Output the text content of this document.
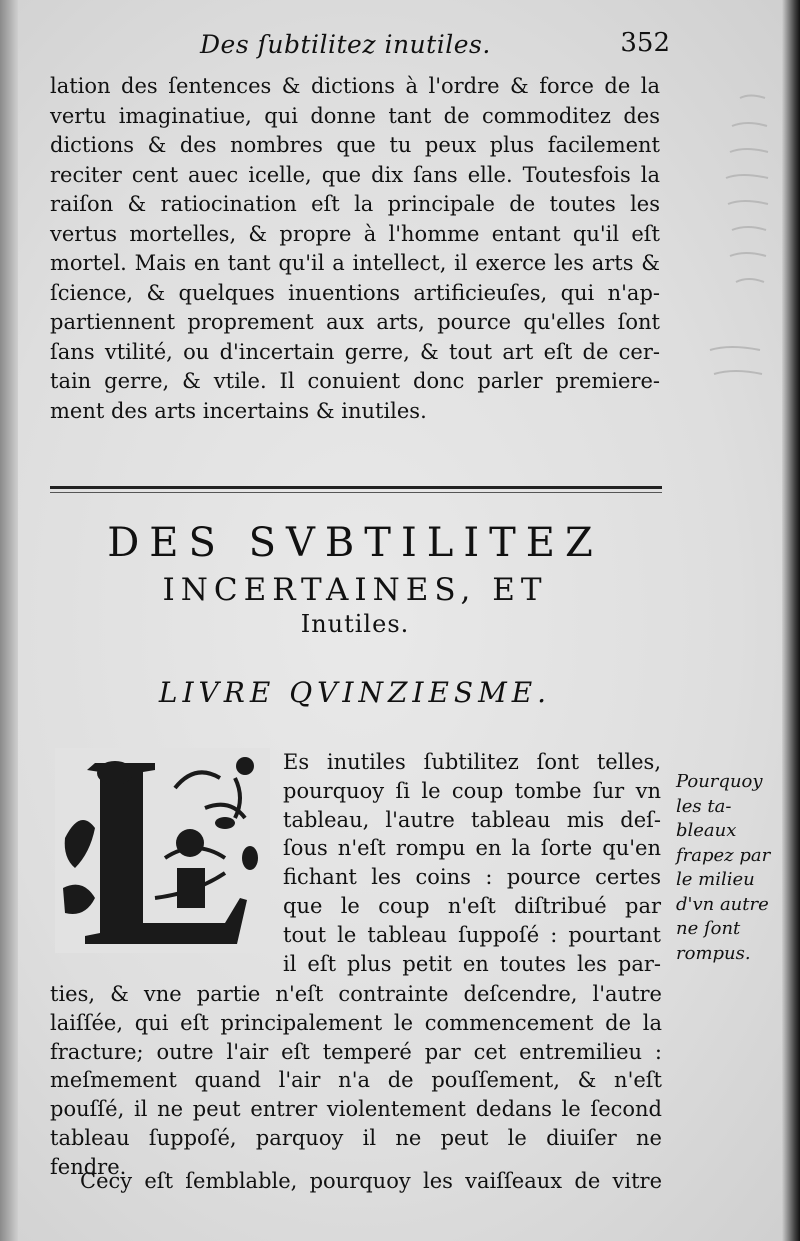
Des ſubtilitez inutiles.	352
lation des ſentences & dictions à l'ordre & force de la
vertu imaginatiue, qui donne tant de commoditez des
dictions & des nombres que tu peux plus facilement
reciter cent auec icelle, que dix ſans elle. Toutesfois la
raiſon & ratiocination eſt la principale de toutes les
vertus mortelles, & propre à l'homme entant qu'il eſt
mortel. Mais en tant qu'il a intellect, il exerce les arts &
ſcience, & quelques inuentions artificieuſes, qui n'ap-
partiennent proprement aux arts, pource qu'elles ſont
ſans vtilité, ou d'incertain gerre, & tout art eſt de cer-
tain gerre, & vtile. Il conuient donc parler premiere-
ment des arts incertains & inutiles.
DES SVBTILITEZ
INCERTAINES, ET
Inutiles.
LIVRE QVINZIESME.
Es inutiles ſubtilitez ſont telles,
pourquoy ſi le coup tombe ſur vn
tableau, l'autre tableau mis deſ-
ſous n'eſt rompu en la ſorte qu'en
fichant les coins : pource certes
que le coup n'eſt diſtribué par
tout le tableau ſuppoſé : pourtant
il eſt plus petit en toutes les par-
ties, & vne partie n'eſt contrainte deſcendre, l'autre
laiſſée, qui eſt principalement le commencement de la
fracture; outre l'air eſt temperé par cet entremilieu :
meſmement quand l'air n'a de pouſſement, & n'eſt
pouſſé, il ne peut entrer violentement dedans le ſecond
tableau ſuppoſé, parquoy il ne peut le diuiſer ne
fendre.
Cecy eſt ſemblable, pourquoy les vaiſſeaux de vitre
Pourquoy
les ta-
bleaux
frapez par
le milieu
d'vn autre
ne ſont
rompus.
